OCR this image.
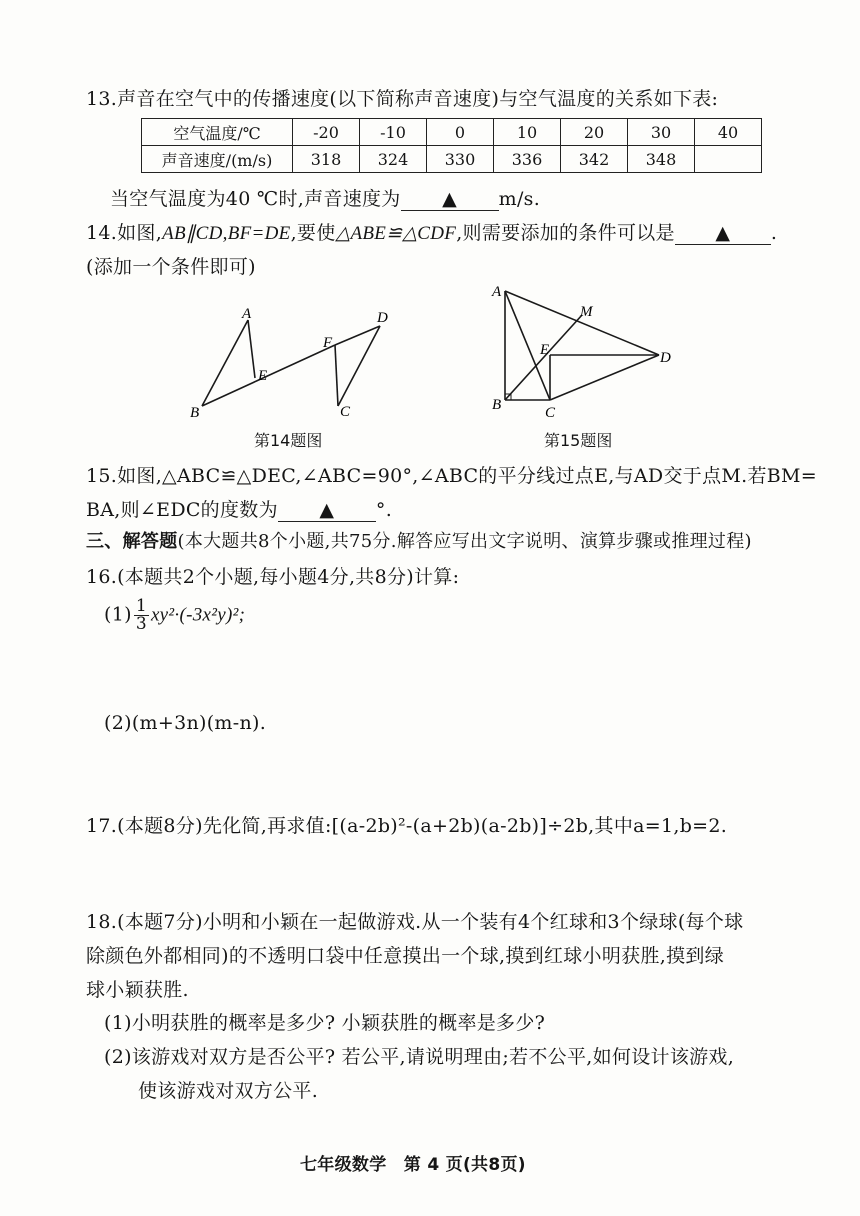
13.声音在空气中的传播速度(以下简称声音速度)与空气温度的关系如下表:
空气温度/℃	-20	-10	0	10	20	30	40
声音速度/(m/s)	318	324	330	336	342	348	
当空气温度为40 ℃时,声音速度为 ▲ m/s.
14.如图,AB∥CD,BF=DE,要使△ABE≌△CDF,则需要添加的条件可以是 ▲ .
(添加一个条件即可)
A
B
E
F
C
D
第14题图
A
B	C
D
E
M
第15题图
15.如图,△ABC≌△DEC,∠ABC=90°,∠ABC的平分线过点E,与AD交于点M.若BM=
BA,则∠EDC的度数为 ▲ °.
三、解答题(本大题共8个小题,共75分.解答应写出文字说明、演算步骤或推理过程)
16.(本题共2个小题,每小题4分,共8分)计算:
$(1) \frac{1}{3} xy^2\cdot(-3x^2y)^2$;
(2)(m+3n)(m-n).
17.(本题8分)先化简,再求值:[(a-2b)²-(a+2b)(a-2b)]÷2b,其中a=1,b=2.
18.(本题7分)小明和小颖在一起做游戏.从一个装有4个红球和3个绿球(每个球
除颜色外都相同)的不透明口袋中任意摸出一个球,摸到红球小明获胜,摸到绿
球小颖获胜.
(1)小明获胜的概率是多少? 小颖获胜的概率是多少?
(2)该游戏对双方是否公平? 若公平,请说明理由;若不公平,如何设计该游戏,
使该游戏对双方公平.
七年级数学　第 4 页(共8页)
